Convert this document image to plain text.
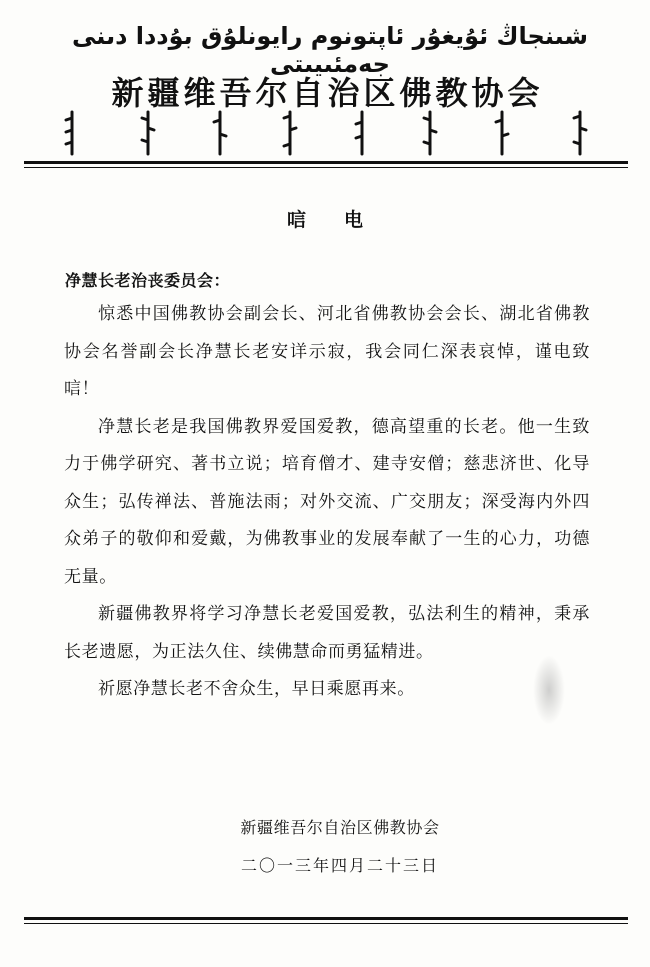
شىنجاڭ ئۇيغۇر ئاپتونوم رايونلۇق بۇددا دىنى جەمئىيىتى
新疆维吾尔自治区佛教协会
唁电
净慧长老治丧委员会：

惊悉中国佛教协会副会长、河北省佛教协会会长、湖北省佛教协会名誉副会长净慧长老安详示寂，我会同仁深表哀悼，谨电致唁！

净慧长老是我国佛教界爱国爱教，德高望重的长老。他一生致力于佛学研究、著书立说；培育僧才、建寺安僧；慈悲济世、化导众生；弘传禅法、普施法雨；对外交流、广交朋友；深受海内外四众弟子的敬仰和爱戴，为佛教事业的发展奉献了一生的心力，功德无量。

新疆佛教界将学习净慧长老爱国爱教，弘法利生的精神，秉承长老遗愿，为正法久住、续佛慧命而勇猛精进。

祈愿净慧长老不舍众生，早日乘愿再来。

新疆维吾尔自治区佛教协会
二〇一三年四月二十三日
